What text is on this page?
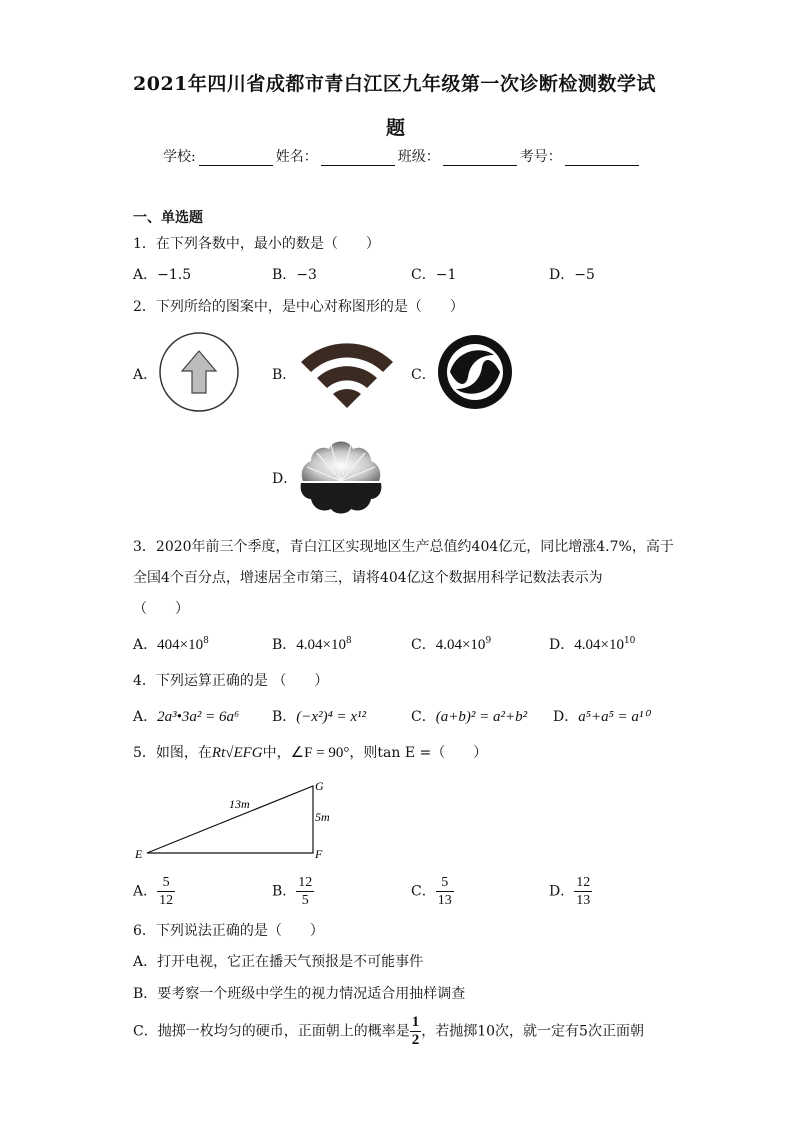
2021年四川省成都市青白江区九年级第一次诊断检测数学试
题
学校:	姓名：	班级：	考号：
一、单选题
1．在下列各数中，最小的数是（　　）
A．−1.5	B．−3	C．−1	D．−5
2．下列所给的图案中，是中心对称图形的是（　　）
A．	B．	C．
D．
3．2020年前三个季度，青白江区实现地区生产总值约404亿元，同比增涨4.7%，高于
全国4个百分点，增速居全市第三，请将404亿这个数据用科学记数法表示为
（　　）
A．$404\times 10^8$	B．$4.04\times 10^8$	C．$4.04\times 10^9$	D．$4.04\times 10^{10}$
4．下列运算正确的是 （　　）
A．2a³•3a² = 6a⁶ B．(−x²)⁴ = x¹²	C．(a+b)² = a²+b² D．a⁵+a⁵ = a¹⁰
5．如图，在Rt√EFG中，∠F = 90°，则tan E =（　　）
13m
5m
E	F
G
A． $\frac{5}{12}$	B． $\frac{12}{5}$	C． $\frac{5}{13}$	D． $\frac{12}{13}$
6．下列说法正确的是（　　）
A．打开电视，它正在播天气预报是不可能事件
B．要考察一个班级中学生的视力情况适合用抽样调查
C．抛掷一枚均匀的硬币，正面朝上的概率是 $\frac{1}{2}$ ，若抛掷10次，就一定有5次正面朝
